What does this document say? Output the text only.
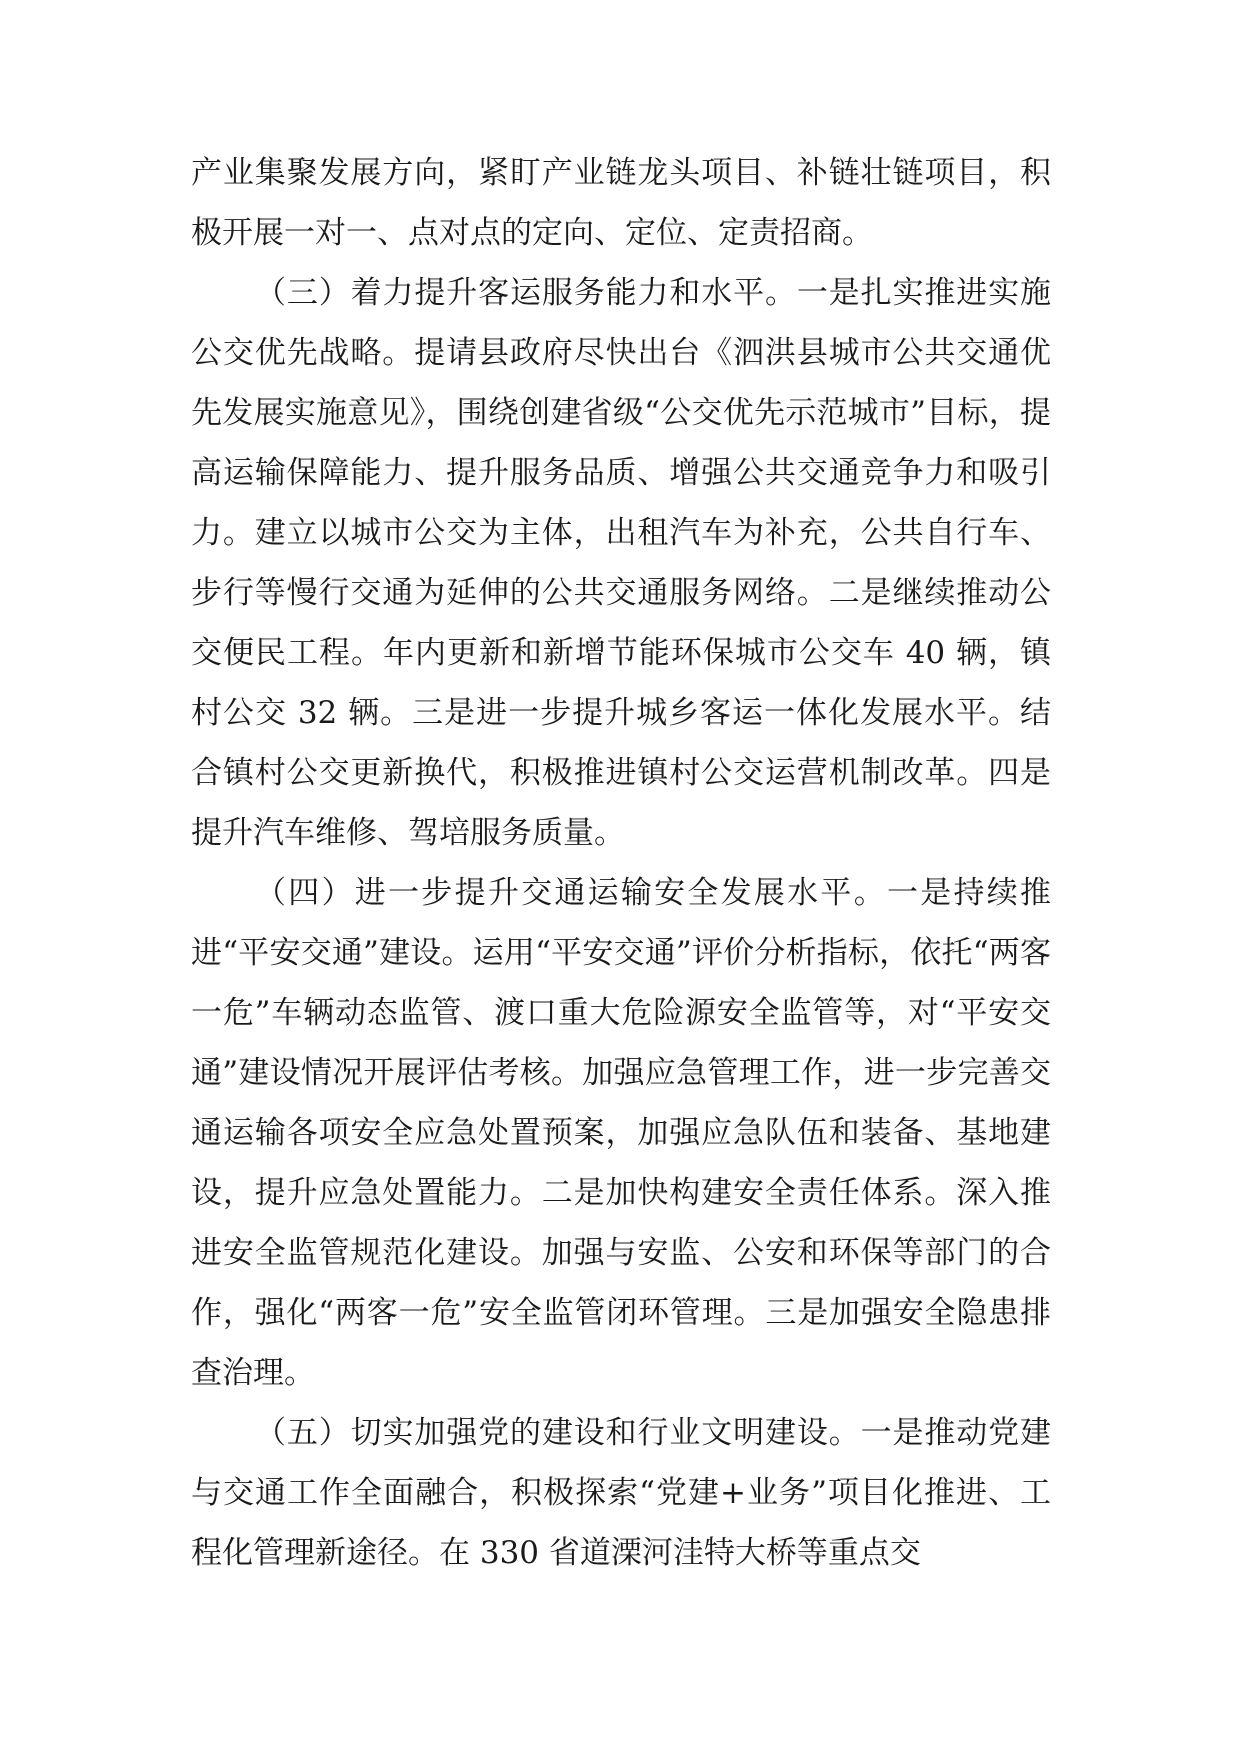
产业集聚发展方向，紧盯产业链龙头项目、补链壮链项目，积极开展一对一、点对点的定向、定位、定责招商。

（三）着力提升客运服务能力和水平。一是扎实推进实施公交优先战略。提请县政府尽快出台《泗洪县城市公共交通优先发展实施意见》，围绕创建省级“公交优先示范城市”目标，提高运输保障能力、提升服务品质、增强公共交通竞争力和吸引力。建立以城市公交为主体，出租汽车为补充，公共自行车、步行等慢行交通为延伸的公共交通服务网络。二是继续推动公交便民工程。年内更新和新增节能环保城市公交车 40 辆，镇村公交 32 辆。三是进一步提升城乡客运一体化发展水平。结合镇村公交更新换代，积极推进镇村公交运营机制改革。四是提升汽车维修、驾培服务质量。

（四）进一步提升交通运输安全发展水平。一是持续推进“平安交通”建设。运用“平安交通”评价分析指标，依托“两客一危”车辆动态监管、渡口重大危险源安全监管等，对“平安交通”建设情况开展评估考核。加强应急管理工作，进一步完善交通运输各项安全应急处置预案，加强应急队伍和装备、基地建设，提升应急处置能力。二是加快构建安全责任体系。深入推进安全监管规范化建设。加强与安监、公安和环保等部门的合作，强化“两客一危”安全监管闭环管理。三是加强安全隐患排查治理。

（五）切实加强党的建设和行业文明建设。一是推动党建与交通工作全面融合，积极探索“党建+业务”项目化推进、工程化管理新途径。在 330 省道溧河洼特大桥等重点交
